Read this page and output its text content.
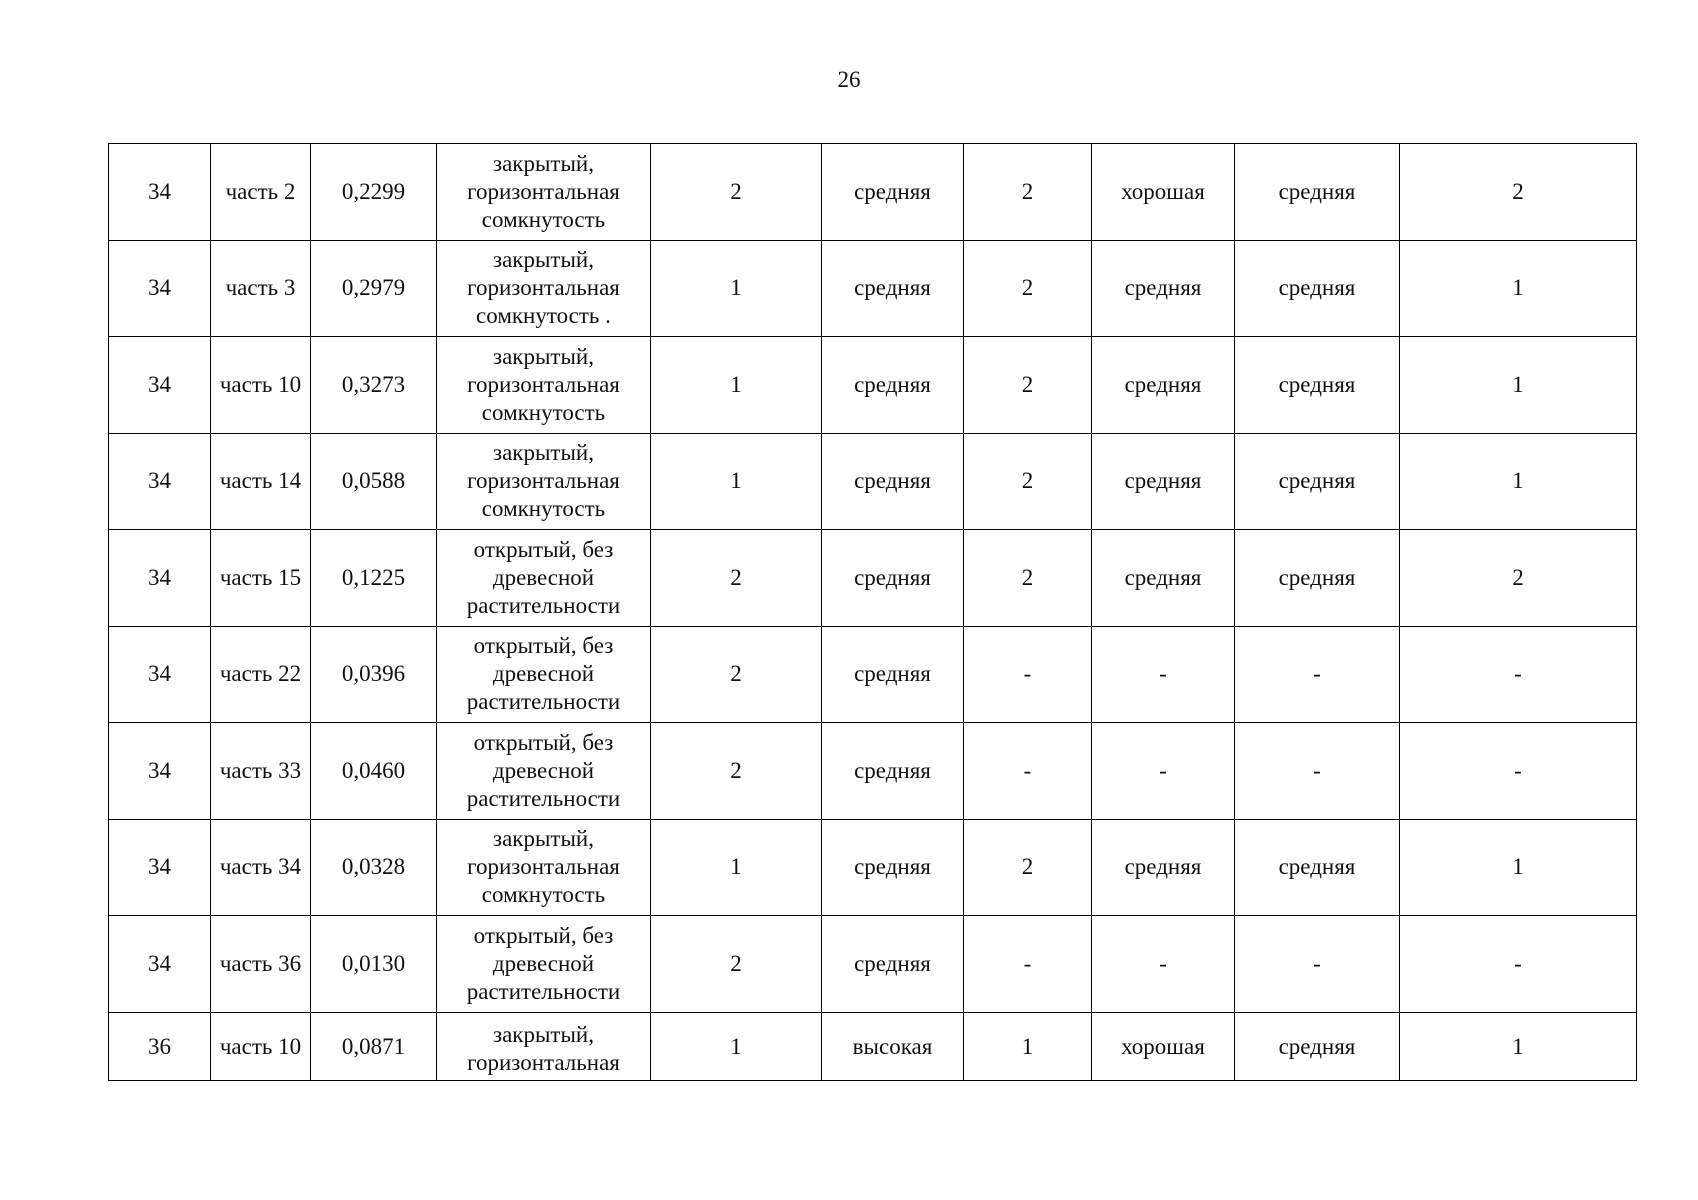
26
34	часть 2	0,2299	закрытый,
горизонтальная
сомкнутость	2	средняя	2	хорошая	средняя	2
34	часть 3	0,2979	закрытый,
горизонтальная
сомкнутость .	1	средняя	2	средняя	средняя	1
34	часть 10	0,3273	закрытый,
горизонтальная
сомкнутость	1	средняя	2	средняя	средняя	1
34	часть 14	0,0588	закрытый,
горизонтальная
сомкнутость	1	средняя	2	средняя	средняя	1
34	часть 15	0,1225	открытый, без
древесной
растительности	2	средняя	2	средняя	средняя	2
34	часть 22	0,0396	открытый, без
древесной
растительности	2	средняя	-	-	-	-
34	часть 33	0,0460	открытый, без
древесной
растительности	2	средняя	-	-	-	-
34	часть 34	0,0328	закрытый,
горизонтальная
сомкнутость	1	средняя	2	средняя	средняя	1
34	часть 36	0,0130	открытый, без
древесной
растительности	2	средняя	-	-	-	-
36	часть 10	0,0871	закрытый,
горизонтальная	1	высокая	1	хорошая	средняя	1
